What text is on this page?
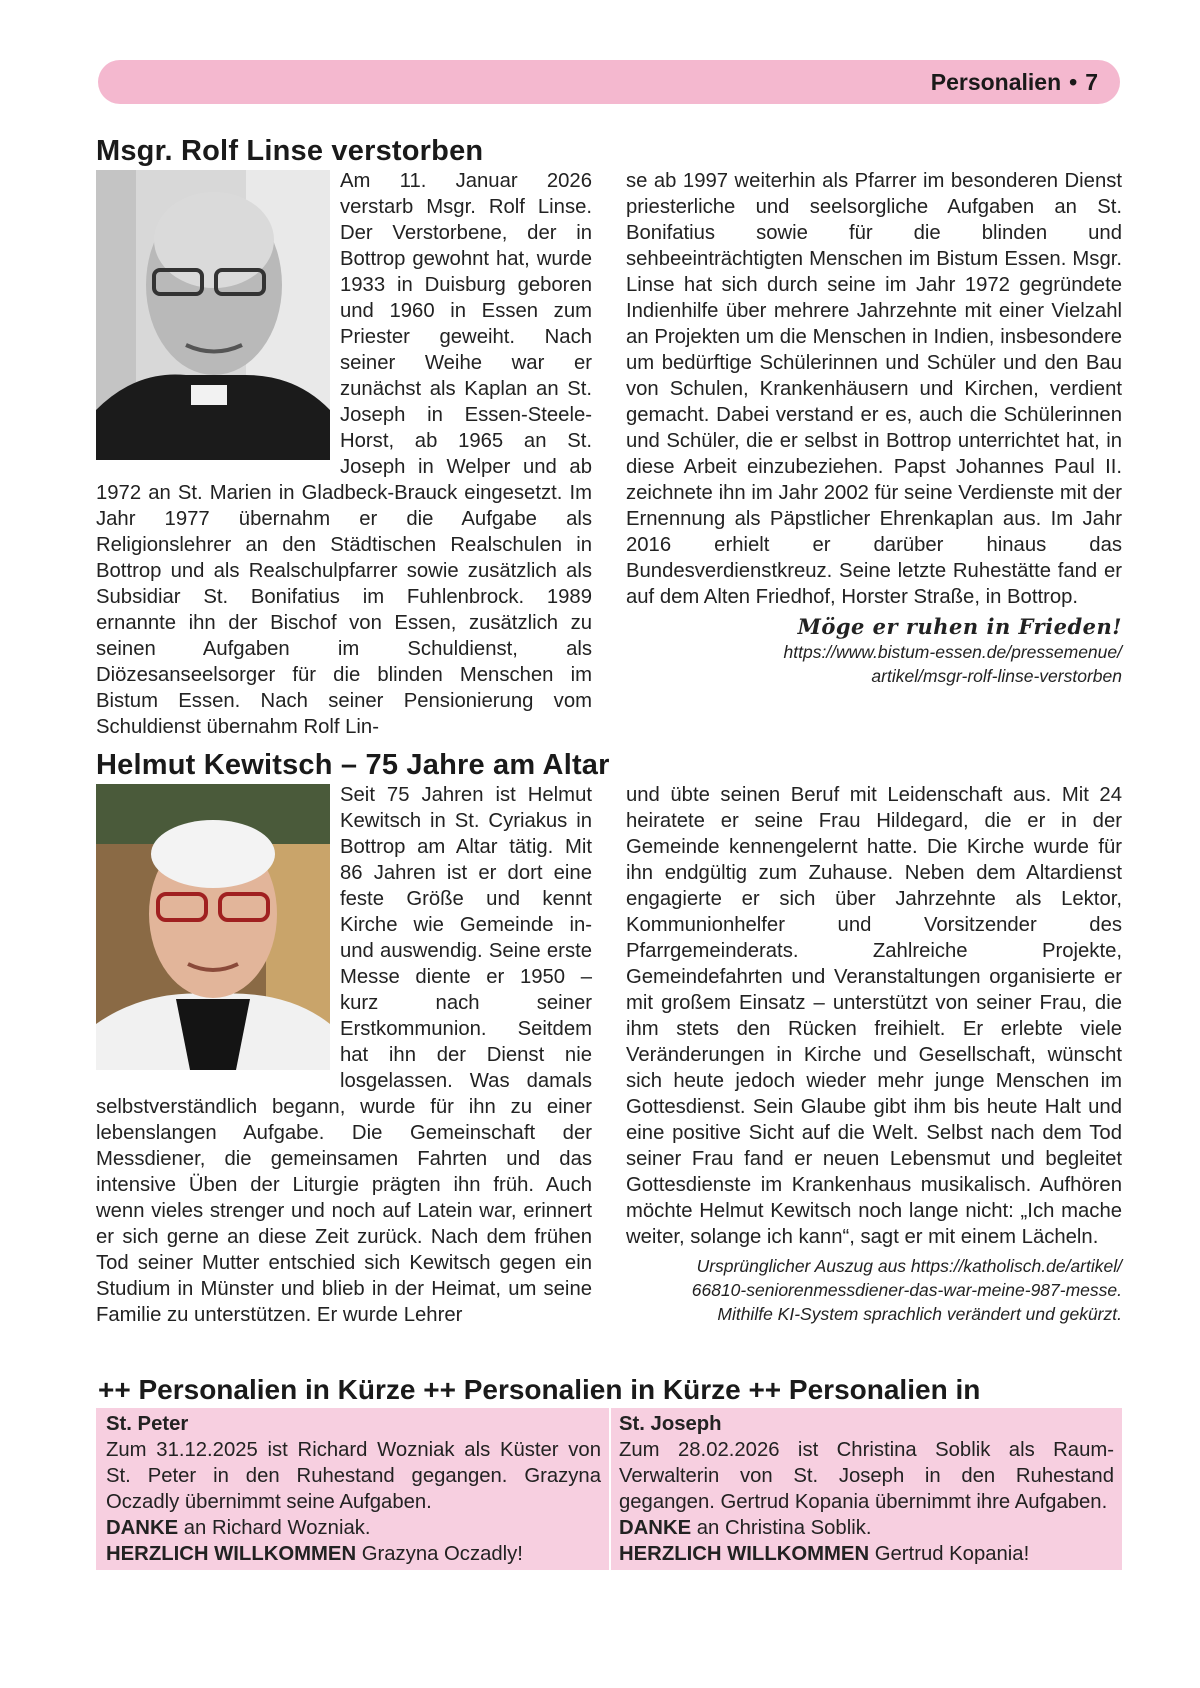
Personalien • 7
Msgr. Rolf Linse verstorben

Am 11. Januar 2026 verstarb Msgr. Rolf Linse. Der Verstorbene, der in Bottrop gewohnt hat, wurde 1933 in Duisburg geboren und 1960 in Essen zum Priester geweiht. Nach seiner Weihe war er zunächst als Kaplan an St. Joseph in Essen-Steele-Horst, ab 1965 an St. Joseph in Welper und ab 1972 an St. Marien in Gladbeck-Brauck eingesetzt. Im Jahr 1977 übernahm er die Aufgabe als Religionslehrer an den Städtischen Realschulen in Bottrop und als Realschulpfarrer sowie zusätzlich als Subsidiar St. Bonifatius im Fuhlenbrock. 1989 ernannte ihn der Bischof von Essen, zusätzlich zu seinen Aufgaben im Schuldienst, als Diözesanseelsorger für die blinden Menschen im Bistum Essen. Nach seiner Pensionierung vom Schuldienst übernahm Rolf Lin-

se ab 1997 weiterhin als Pfarrer im besonderen Dienst priesterliche und seelsorgliche Aufgaben an St. Bonifatius sowie für die blinden und sehbeeinträchtigten Menschen im Bistum Essen. Msgr. Linse hat sich durch seine im Jahr 1972 gegründete Indienhilfe über mehrere Jahrzehnte mit einer Vielzahl an Projekten um die Menschen in Indien, insbesondere um bedürftige Schülerinnen und Schüler und den Bau von Schulen, Krankenhäusern und Kirchen, verdient gemacht. Dabei verstand er es, auch die Schülerinnen und Schüler, die er selbst in Bottrop unterrichtet hat, in diese Arbeit einzubeziehen. Papst Johannes Paul II. zeichnete ihn im Jahr 2002 für seine Verdienste mit der Ernennung als Päpstlicher Ehrenkaplan aus. Im Jahr 2016 erhielt er darüber hinaus das Bundesverdienstkreuz. Seine letzte Ruhestätte fand er auf dem Alten Friedhof, Horster Straße, in Bottrop.

Möge er ruhen in Frieden!
https://www.bistum-essen.de/pressemenue/
artikel/msgr-rolf-linse-verstorben
Helmut Kewitsch – 75 Jahre am Altar

Seit 75 Jahren ist Helmut Kewitsch in St. Cyriakus in Bottrop am Altar tätig. Mit 86 Jahren ist er dort eine feste Größe und kennt Kirche wie Gemeinde in- und auswendig. Seine erste Messe diente er 1950 – kurz nach seiner Erstkommunion. Seitdem hat ihn der Dienst nie losgelassen. Was damals selbstverständlich begann, wurde für ihn zu einer lebenslangen Aufgabe. Die Gemeinschaft der Messdiener, die gemeinsamen Fahrten und das intensive Üben der Liturgie prägten ihn früh. Auch wenn vieles strenger und noch auf Latein war, erinnert er sich gerne an diese Zeit zurück. Nach dem frühen Tod seiner Mutter entschied sich Kewitsch gegen ein Studium in Münster und blieb in der Heimat, um seine Familie zu unterstützen. Er wurde Lehrer

und übte seinen Beruf mit Leidenschaft aus. Mit 24 heiratete er seine Frau Hildegard, die er in der Gemeinde kennengelernt hatte. Die Kirche wurde für ihn endgültig zum Zuhause. Neben dem Altardienst engagierte er sich über Jahrzehnte als Lektor, Kommunionhelfer und Vorsitzender des Pfarrgemeinderats. Zahlreiche Projekte, Gemeindefahrten und Veranstaltungen organisierte er mit großem Einsatz – unterstützt von seiner Frau, die ihm stets den Rücken freihielt. Er erlebte viele Veränderungen in Kirche und Gesellschaft, wünscht sich heute jedoch wieder mehr junge Menschen im Gottesdienst. Sein Glaube gibt ihm bis heute Halt und eine positive Sicht auf die Welt. Selbst nach dem Tod seiner Frau fand er neuen Lebensmut und begleitet Gottesdienste im Krankenhaus musikalisch. Aufhören möchte Helmut Kewitsch noch lange nicht: „Ich mache weiter, solange ich kann“, sagt er mit einem Lächeln.

Ursprünglicher Auszug aus https://katholisch.de/artikel/
66810-seniorenmessdiener-das-war-meine-987-messe.
Mithilfe KI-System sprachlich verändert und gekürzt.
++ Personalien in Kürze ++ Personalien in Kürze ++ Personalien in
St. Peter

Zum 31.12.2025 ist Richard Wozniak als Küster von St. Peter in den Ruhestand gegangen. Grazyna Oczadly übernimmt seine Aufgaben.

DANKE an Richard Wozniak.
HERZLICH WILLKOMMEN Grazyna Oczadly!
St. Joseph

Zum 28.02.2026 ist Christina Soblik als Raum-Verwalterin von St. Joseph in den Ruhestand gegangen. Gertrud Kopania übernimmt ihre Aufgaben.

DANKE an Christina Soblik.
HERZLICH WILLKOMMEN Gertrud Kopania!
